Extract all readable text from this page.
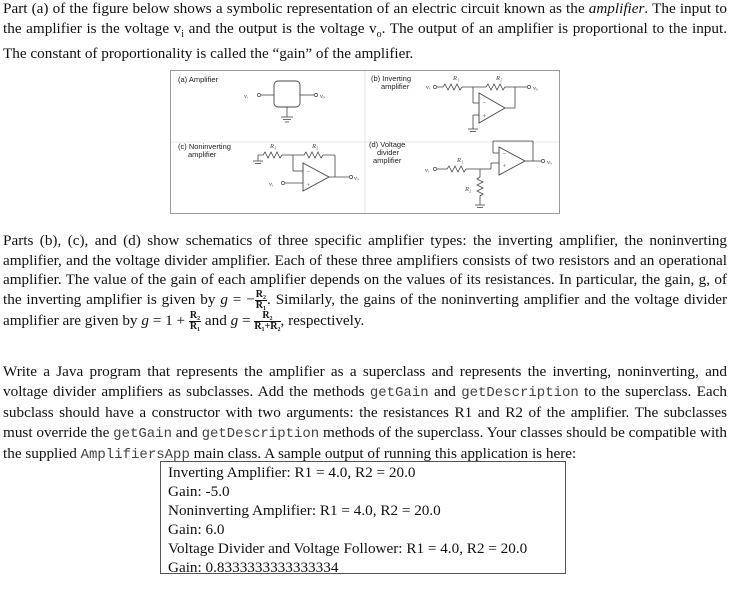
Part (a) of the figure below shows a symbolic representation of an electric circuit known as the amplifier. The input to the amplifier is the voltage $v_i$ and the output is the voltage $v_o$. The output of an amplifier is proportional to the input. The constant of proportionality is called the “gain” of the amplifier.

(a) Amplifier
vᵢ	vₒ
(b) Inverting
amplifier	vᵢ
R₁	R₂
vₒ
−
+
(c) Noninverting
amplifier
R₁	R₂
vₒ
vᵢ
−
+
(d) Voltage
divider
amplifier
vᵢ
R₁
R₂
vₒ
−
+

Parts (b), (c), and (d) show schematics of three specific amplifier types: the inverting amplifier, the noninverting amplifier, and the voltage divider amplifier. Each of these three amplifiers consists of two resistors and an operational amplifier. The value of the gain of each amplifier depends on the values of its resistances. In particular, the gain, g, of the inverting amplifier is given by g = − $\frac{\text{R₂}}{\text{R₁}}$ . Similarly, the gains of the noninverting amplifier and the voltage divider amplifier are given by $g = 1 + \frac{\text{R₂}}{\text{R₁}}$ and $g = \frac{\text{R₂}}{\text{R₁+R₂}}$ , respectively.

Write a Java program that represents the amplifier as a superclass and represents the inverting, noninverting, and voltage divider amplifiers as subclasses. Add the methods getGain and getDescription to the superclass. Each subclass should have a constructor with two arguments: the resistances R1 and R2 of the amplifier. The subclasses must override the getGain and getDescription methods of the superclass. Your classes should be compatible with the supplied AmplifiersApp main class. A sample output of running this application is here:

Inverting Amplifier: R1 = 4.0, R2 = 20.0
Gain: -5.0
Noninverting Amplifier: R1 = 4.0, R2 = 20.0
Gain: 6.0
Voltage Divider and Voltage Follower: R1 = 4.0, R2 = 20.0
Gain: 0.8333333333333334
